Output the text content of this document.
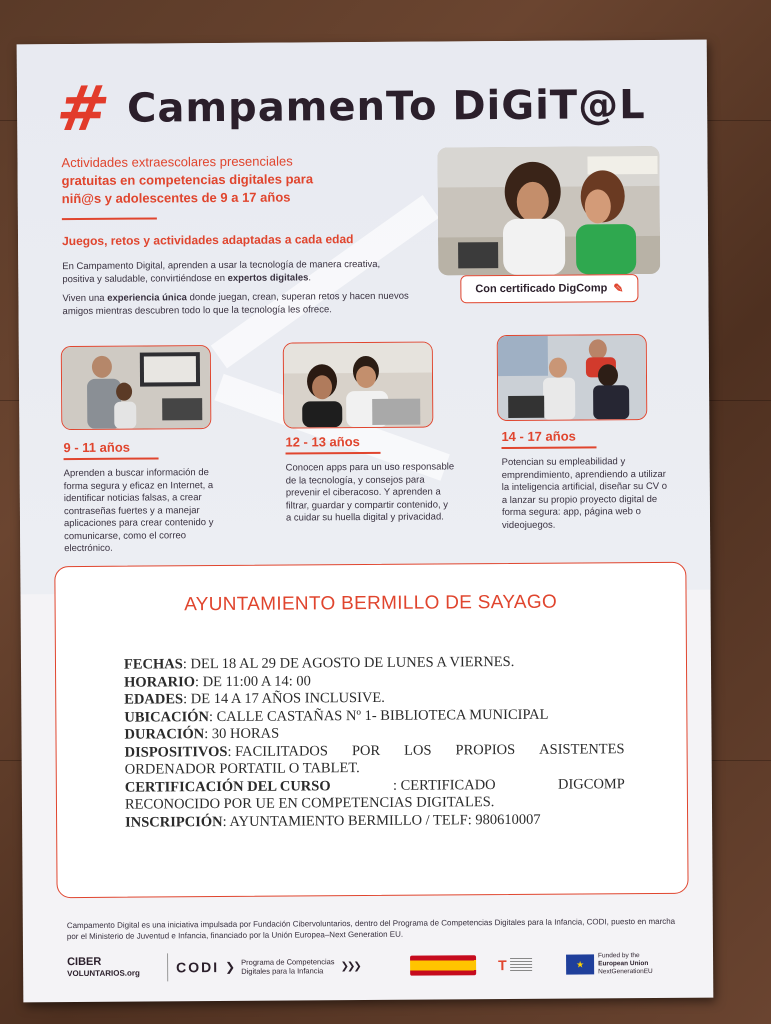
# CampamenTo DiGiT@L
Actividades extraescolares presenciales
gratuitas en competencias digitales para
niñ@s y adolescentes de 9 a 17 años
Juegos, retos y actividades adaptadas a cada edad
En Campamento Digital, aprenden a usar la tecnología de manera creativa, positiva y saludable, convirtiéndose en expertos digitales.
Viven una experiencia única donde juegan, crean, superan retos y hacen nuevos amigos mientras descubren todo lo que la tecnología les ofrece.
Con certificado DigComp ✎
9 - 11 años
Aprenden a buscar información de forma segura y eficaz en Internet, a identificar noticias falsas, a crear contraseñas fuertes y a manejar aplicaciones para crear contenido y comunicarse, como el correo electrónico.
12 - 13 años
Conocen apps para un uso responsable de la tecnología, y consejos para prevenir el ciberacoso. Y aprenden a filtrar, guardar y compartir contenido, y a cuidar su huella digital y privacidad.
14 - 17 años
Potencian su empleabilidad y emprendimiento, aprendiendo a utilizar la inteligencia artificial, diseñar su CV o a lanzar su propio proyecto digital de forma segura: app, página web o videojuegos.
AYUNTAMIENTO BERMILLO DE SAYAGO
FECHAS: DEL 18 AL 29 DE AGOSTO DE LUNES A VIERNES.
HORARIO: DE 11:00 A 14: 00
EDADES: DE 14 A 17 AÑOS INCLUSIVE.
UBICACIÓN: CALLE CASTAÑAS Nº 1- BIBLIOTECA MUNICIPAL
DURACIÓN: 30 HORAS
DISPOSITIVOS: FACILITADOS POR LOS PROPIOS ASISTENTES
ORDENADOR PORTATIL O TABLET.
CERTIFICACIÓN DEL CURSO	: CERTIFICADO	DIGCOMP
RECONOCIDO POR UE EN COMPETENCIAS DIGITALES.
INSCRIPCIÓN: AYUNTAMIENTO BERMILLO / TELF: 980610007
Campamento Digital es una iniciativa impulsada por Fundación Cibervoluntarios, dentro del Programa de Competencias Digitales para la Infancia, CODI, puesto en marcha por el Ministerio de Juventud e Infancia, financiado por la Unión Europea–Next Generation EU.
CIBER
VOLUNTARIOS.org	CODI ❯ Programa de Competencias
Digitales para la Infancia	❯❯❯	T	★
Funded by the
European Union
NextGenerationEU
